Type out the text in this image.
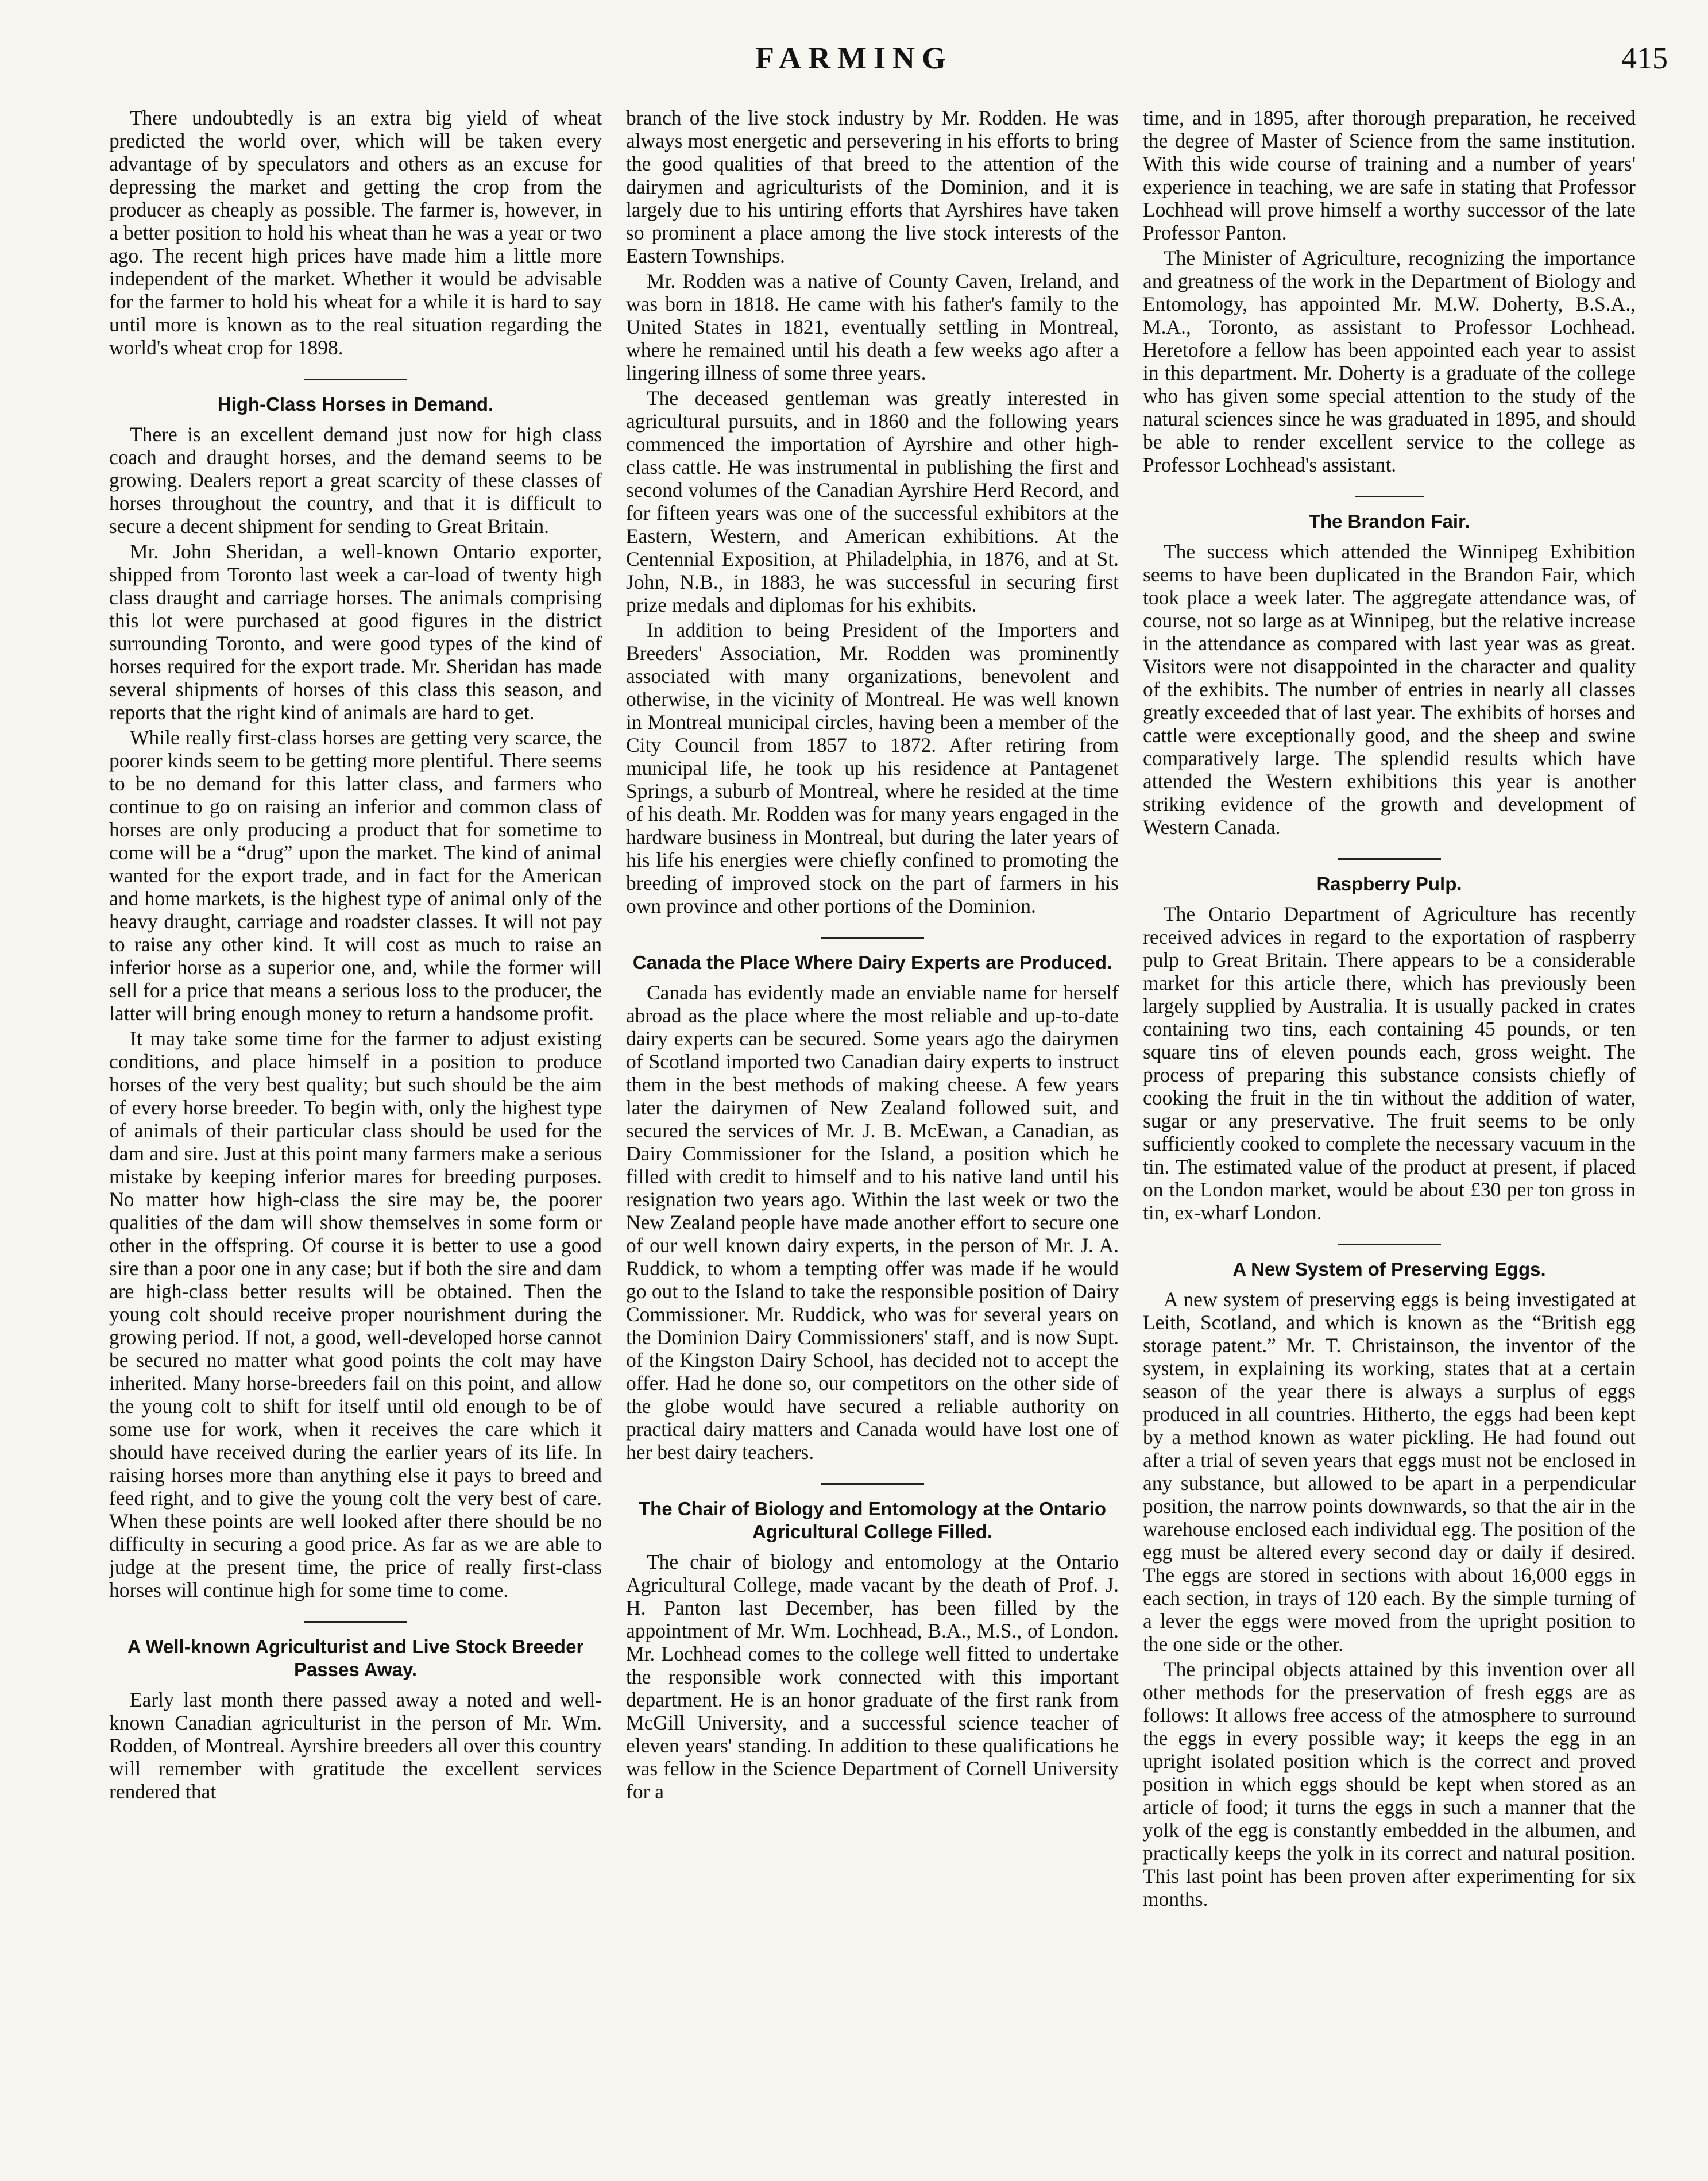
FARMING	415

There undoubtedly is an extra big yield of wheat predicted the world over, which will be taken every advantage of by speculators and others as an excuse for depressing the market and getting the crop from the producer as cheaply as possible. The farmer is, however, in a better position to hold his wheat than he was a year or two ago. The recent high prices have made him a little more independent of the market. Whether it would be advisable for the farmer to hold his wheat for a while it is hard to say until more is known as to the real situation regarding the world's wheat crop for 1898.

High-Class Horses in Demand.

There is an excellent demand just now for high class coach and draught horses, and the demand seems to be growing. Dealers report a great scarcity of these classes of horses throughout the country, and that it is difficult to secure a decent shipment for sending to Great Britain.

Mr. John Sheridan, a well-known Ontario exporter, shipped from Toronto last week a car-load of twenty high class draught and carriage horses. The animals comprising this lot were purchased at good figures in the district surrounding Toronto, and were good types of the kind of horses required for the export trade. Mr. Sheridan has made several shipments of horses of this class this season, and reports that the right kind of animals are hard to get.

While really first-class horses are getting very scarce, the poorer kinds seem to be getting more plentiful. There seems to be no demand for this latter class, and farmers who continue to go on raising an inferior and common class of horses are only producing a product that for sometime to come will be a “drug” upon the market. The kind of animal wanted for the export trade, and in fact for the American and home markets, is the highest type of animal only of the heavy draught, carriage and roadster classes. It will not pay to raise any other kind. It will cost as much to raise an inferior horse as a superior one, and, while the former will sell for a price that means a serious loss to the producer, the latter will bring enough money to return a handsome profit.

It may take some time for the farmer to adjust existing conditions, and place himself in a position to produce horses of the very best quality; but such should be the aim of every horse breeder. To begin with, only the highest type of animals of their particular class should be used for the dam and sire. Just at this point many farmers make a serious mistake by keeping inferior mares for breeding purposes. No matter how high-class the sire may be, the poorer qualities of the dam will show themselves in some form or other in the offspring. Of course it is better to use a good sire than a poor one in any case; but if both the sire and dam are high-class better results will be obtained. Then the young colt should receive proper nourishment during the growing period. If not, a good, well-developed horse cannot be secured no matter what good points the colt may have inherited. Many horse-breeders fail on this point, and allow the young colt to shift for itself until old enough to be of some use for work, when it receives the care which it should have received during the earlier years of its life. In raising horses more than anything else it pays to breed and feed right, and to give the young colt the very best of care. When these points are well looked after there should be no difficulty in securing a good price. As far as we are able to judge at the present time, the price of really first-class horses will continue high for some time to come.

A Well-known Agriculturist and Live Stock Breeder Passes Away.

Early last month there passed away a noted and well-known Canadian agriculturist in the person of Mr. Wm. Rodden, of Montreal. Ayrshire breeders all over this country will remember with gratitude the excellent services rendered that

branch of the live stock industry by Mr. Rodden. He was always most energetic and persevering in his efforts to bring the good qualities of that breed to the attention of the dairymen and agriculturists of the Dominion, and it is largely due to his untiring efforts that Ayrshires have taken so prominent a place among the live stock interests of the Eastern Townships.

Mr. Rodden was a native of County Caven, Ireland, and was born in 1818. He came with his father's family to the United States in 1821, eventually settling in Montreal, where he remained until his death a few weeks ago after a lingering illness of some three years.

The deceased gentleman was greatly interested in agricultural pursuits, and in 1860 and the following years commenced the importation of Ayrshire and other high-class cattle. He was instrumental in publishing the first and second volumes of the Canadian Ayrshire Herd Record, and for fifteen years was one of the successful exhibitors at the Eastern, Western, and American exhibitions. At the Centennial Exposition, at Philadelphia, in 1876, and at St. John, N.B., in 1883, he was successful in securing first prize medals and diplomas for his exhibits.

In addition to being President of the Importers and Breeders' Association, Mr. Rodden was prominently associated with many organizations, benevolent and otherwise, in the vicinity of Montreal. He was well known in Montreal municipal circles, having been a member of the City Council from 1857 to 1872. After retiring from municipal life, he took up his residence at Pantagenet Springs, a suburb of Montreal, where he resided at the time of his death. Mr. Rodden was for many years engaged in the hardware business in Montreal, but during the later years of his life his energies were chiefly confined to promoting the breeding of improved stock on the part of farmers in his own province and other portions of the Dominion.

Canada the Place Where Dairy Experts are Produced.

Canada has evidently made an enviable name for herself abroad as the place where the most reliable and up-to-date dairy experts can be secured. Some years ago the dairymen of Scotland imported two Canadian dairy experts to instruct them in the best methods of making cheese. A few years later the dairymen of New Zealand followed suit, and secured the services of Mr. J. B. McEwan, a Canadian, as Dairy Commissioner for the Island, a position which he filled with credit to himself and to his native land until his resignation two years ago. Within the last week or two the New Zealand people have made another effort to secure one of our well known dairy experts, in the person of Mr. J. A. Ruddick, to whom a tempting offer was made if he would go out to the Island to take the responsible position of Dairy Commissioner. Mr. Ruddick, who was for several years on the Dominion Dairy Commissioners' staff, and is now Supt. of the Kingston Dairy School, has decided not to accept the offer. Had he done so, our competitors on the other side of the globe would have secured a reliable authority on practical dairy matters and Canada would have lost one of her best dairy teachers.

The Chair of Biology and Entomology at the Ontario Agricultural College Filled.

The chair of biology and entomology at the Ontario Agricultural College, made vacant by the death of Prof. J. H. Panton last December, has been filled by the appointment of Mr. Wm. Lochhead, B.A., M.S., of London. Mr. Lochhead comes to the college well fitted to undertake the responsible work connected with this important department. He is an honor graduate of the first rank from McGill University, and a successful science teacher of eleven years' standing. In addition to these qualifications he was fellow in the Science Department of Cornell University for a

time, and in 1895, after thorough preparation, he received the degree of Master of Science from the same institution. With this wide course of training and a number of years' experience in teaching, we are safe in stating that Professor Lochhead will prove himself a worthy successor of the late Professor Panton.

The Minister of Agriculture, recognizing the importance and greatness of the work in the Department of Biology and Entomology, has appointed Mr. M.W. Doherty, B.S.A., M.A., Toronto, as assistant to Professor Lochhead. Heretofore a fellow has been appointed each year to assist in this department. Mr. Doherty is a graduate of the college who has given some special attention to the study of the natural sciences since he was graduated in 1895, and should be able to render excellent service to the college as Professor Lochhead's assistant.

The Brandon Fair.

The success which attended the Winnipeg Exhibition seems to have been duplicated in the Brandon Fair, which took place a week later. The aggregate attendance was, of course, not so large as at Winnipeg, but the relative increase in the attendance as compared with last year was as great. Visitors were not disappointed in the character and quality of the exhibits. The number of entries in nearly all classes greatly exceeded that of last year. The exhibits of horses and cattle were exceptionally good, and the sheep and swine comparatively large. The splendid results which have attended the Western exhibitions this year is another striking evidence of the growth and development of Western Canada.

Raspberry Pulp.

The Ontario Department of Agriculture has recently received advices in regard to the exportation of raspberry pulp to Great Britain. There appears to be a considerable market for this article there, which has previously been largely supplied by Australia. It is usually packed in crates containing two tins, each containing 45 pounds, or ten square tins of eleven pounds each, gross weight. The process of preparing this substance consists chiefly of cooking the fruit in the tin without the addition of water, sugar or any preservative. The fruit seems to be only sufficiently cooked to complete the necessary vacuum in the tin. The estimated value of the product at present, if placed on the London market, would be about £30 per ton gross in tin, ex-wharf London.

A New System of Preserving Eggs.

A new system of preserving eggs is being investigated at Leith, Scotland, and which is known as the “British egg storage patent.” Mr. T. Christainson, the inventor of the system, in explaining its working, states that at a certain season of the year there is always a surplus of eggs produced in all countries. Hitherto, the eggs had been kept by a method known as water pickling. He had found out after a trial of seven years that eggs must not be enclosed in any substance, but allowed to be apart in a perpendicular position, the narrow points downwards, so that the air in the warehouse enclosed each individual egg. The position of the egg must be altered every second day or daily if desired. The eggs are stored in sections with about 16,000 eggs in each section, in trays of 120 each. By the simple turning of a lever the eggs were moved from the upright position to the one side or the other.

The principal objects attained by this invention over all other methods for the preservation of fresh eggs are as follows: It allows free access of the atmosphere to surround the eggs in every possible way; it keeps the egg in an upright isolated position which is the correct and proved position in which eggs should be kept when stored as an article of food; it turns the eggs in such a manner that the yolk of the egg is constantly embedded in the albumen, and practically keeps the yolk in its correct and natural position. This last point has been proven after experimenting for six months.
